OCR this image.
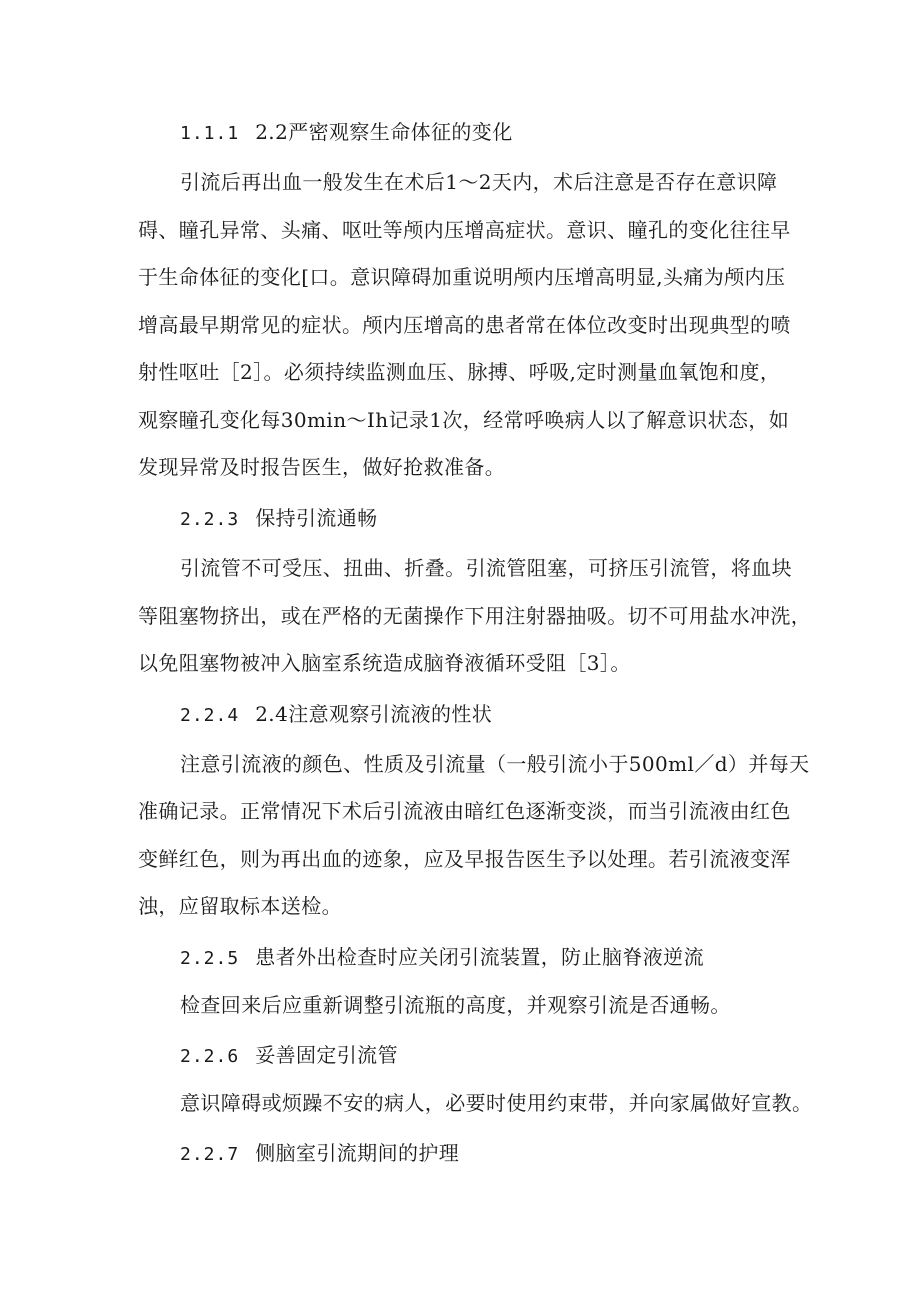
1.1.1 2.2严密观察生命体征的变化
引流后再出血一般发生在术后1～2天内，术后注意是否存在意识障
碍、瞳孔异常、头痛、呕吐等颅内压增高症状。意识、瞳孔的变化往往早
于生命体征的变化[口。意识障碍加重说明颅内压增高明显,头痛为颅内压
增高最早期常见的症状。颅内压增高的患者常在体位改变时出现典型的喷
射性呕吐［2］。必须持续监测血压、脉搏、呼吸,定时测量血氧饱和度，
观察瞳孔变化每30min～Ih记录1次，经常呼唤病人以了解意识状态，如
发现异常及时报告医生，做好抢救准备。
2.2.3 保持引流通畅
引流管不可受压、扭曲、折叠。引流管阻塞，可挤压引流管，将血块
等阻塞物挤出，或在严格的无菌操作下用注射器抽吸。切不可用盐水冲洗，
以免阻塞物被冲入脑室系统造成脑脊液循环受阻［3］。
2.2.4 2.4注意观察引流液的性状
注意引流液的颜色、性质及引流量（一般引流小于500ml／d）并每天
准确记录。正常情况下术后引流液由暗红色逐渐变淡，而当引流液由红色
变鲜红色，则为再出血的迹象，应及早报告医生予以处理。若引流液变浑
浊，应留取标本送检。
2.2.5 患者外出检查时应关闭引流装置，防止脑脊液逆流
检查回来后应重新调整引流瓶的高度，并观察引流是否通畅。
2.2.6 妥善固定引流管
意识障碍或烦躁不安的病人，必要时使用约束带，并向家属做好宣教。
2.2.7 侧脑室引流期间的护理
